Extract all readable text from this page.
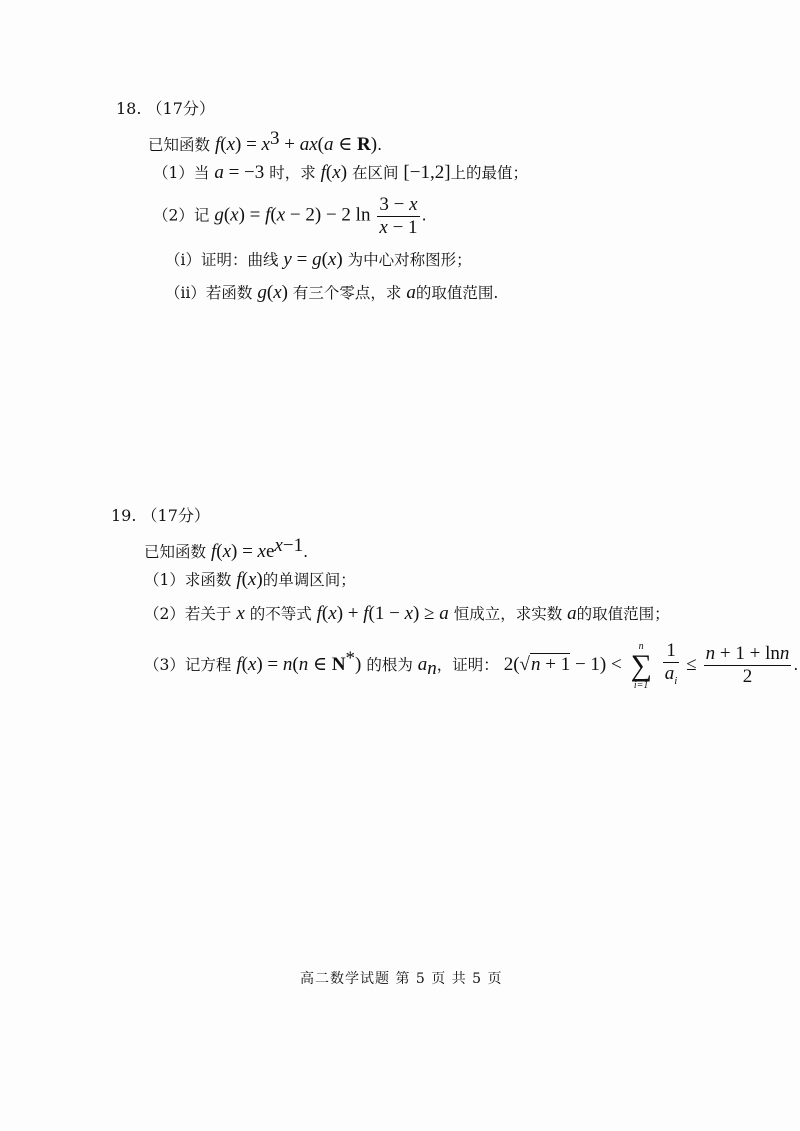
18. （17分）
已知函数 $f(x) = x^3 + ax(a$ ∈ R).
（1）当 a = −3 时，求 f(x) 在区间 [−1,2]上的最值；
（2）记 g(x) = f(x − 2) − 2 $\ln \frac{3 - x}{x - 1}$ .
（ⅰ）证明：曲线 y = g(x) 为中心对称图形；
（ⅱ）若函数 g(x) 有三个零点，求 a的取值范围.
19. （17分）
已知函数 $f(x) = xe^{x-1}$.
（1）求函数 f(x)的单调区间；
（2）若关于 x 的不等式 f(x) + f(1 − x) ≥ a 恒成立，求实数 a的取值范围；
（3）记方程 f(x) = n(n ∈ N*) 的根为 $a_n$，证明： 2(√n + 1 − 1) <
n
∑
i=1
$\frac{1}{a_i} \le \frac{n + 1 + \ln n}{2}$ .
高二数学试题 第 5 页 共 5 页
